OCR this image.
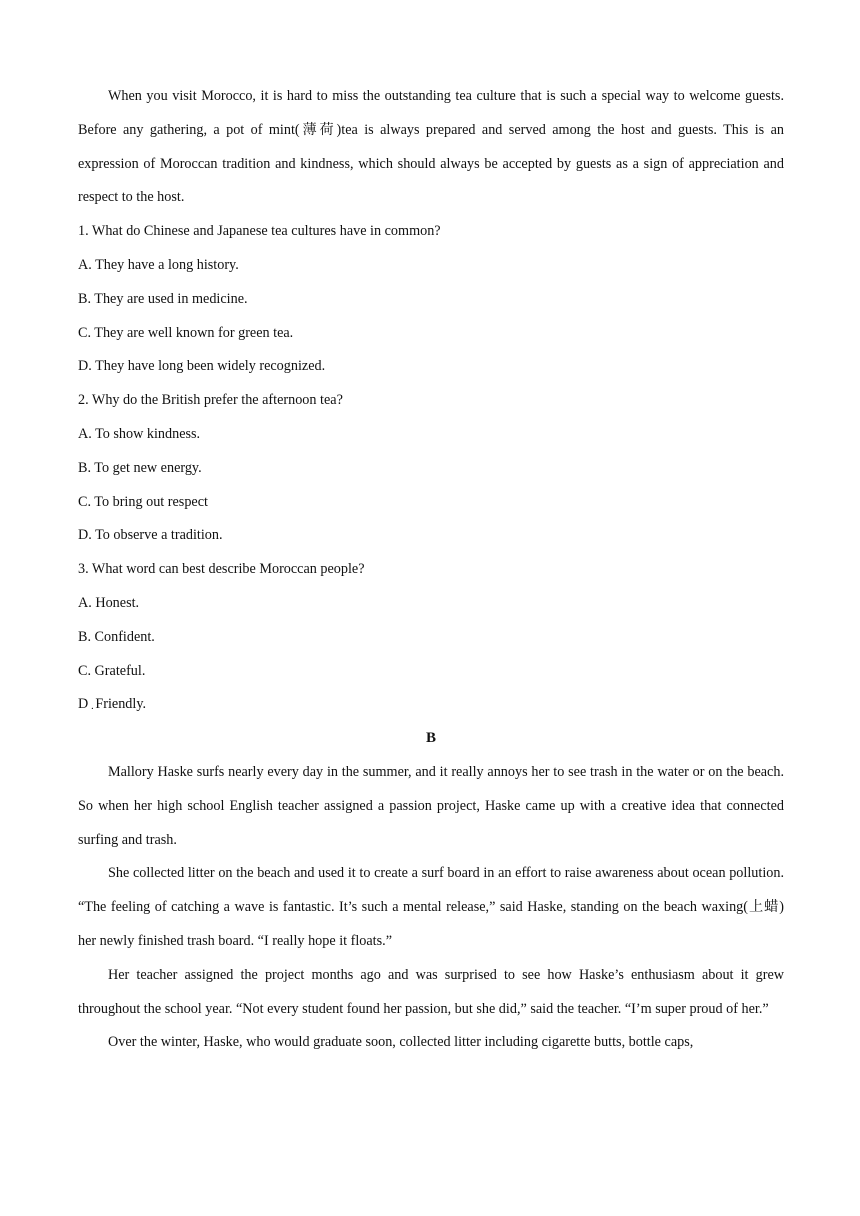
When you visit Morocco, it is hard to miss the outstanding tea culture that is such a special way to welcome guests. Before any gathering, a pot of mint(薄荷)tea is always prepared and served among the host and guests. This is an expression of Moroccan tradition and kindness, which should always be accepted by guests as a sign of appreciation and respect to the host.

1. What do Chinese and Japanese tea cultures have in common?

A. They have a long history.

B. They are used in medicine.

C. They are well known for green tea.

D. They have long been widely recognized.

2. Why do the British prefer the afternoon tea?

A. To show kindness.

B. To get new energy.

C. To bring out respect

D. To observe a tradition.

3. What word can best describe Moroccan people?

A. Honest.

B. Confident.

C. Grateful.

D . Friendly.

B

Mallory Haske surfs nearly every day in the summer, and it really annoys her to see trash in the water or on the beach. So when her high school English teacher assigned a passion project, Haske came up with a creative idea that connected surfing and trash.

She collected litter on the beach and used it to create a surf board in an effort to raise awareness about ocean pollution. “The feeling of catching a wave is fantastic. It’s such a mental release,” said Haske, standing on the beach waxing(上蜡) her newly finished trash board. “I really hope it floats.”

Her teacher assigned the project months ago and was surprised to see how Haske’s enthusiasm about it grew throughout the school year. “Not every student found her passion, but she did,” said the teacher. “I’m super proud of her.”

Over the winter, Haske, who would graduate soon, collected litter including cigarette butts, bottle caps,
